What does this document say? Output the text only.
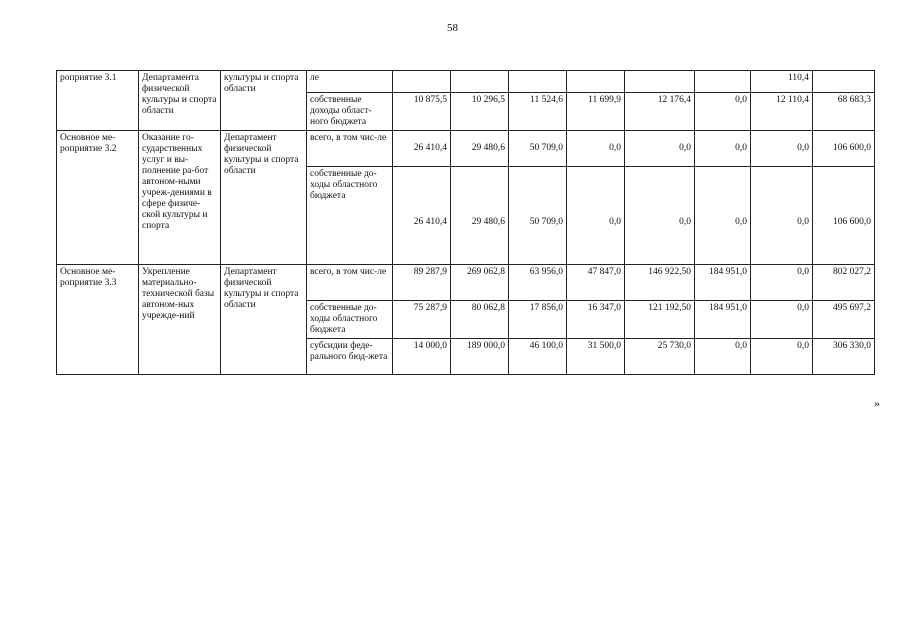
58
роприятие 3.1	Департамента физической культуры и спорта области	культуры и спорта области	ле							110,4	
			собственные доходы област-ного бюджета	10 875,5	10 296,5	11 524,6	11 699,9	12 176,4	0,0	12 110,4	68 683,3
Основное ме-роприятие 3.2	Оказание го-сударственных услуг и вы-полнение ра-бот автоном-ными учреж-дениями в сфере физиче-ской культуры и спорта	Департамент физической культуры и спорта области	всего, в том чис-ле	26 410,4	29 480,6	50 709,0	0,0	0,0	0,0	0,0	106 600,0
			собственные до-ходы областного бюджета	26 410,4	29 480,6	50 709,0	0,0	0,0	0,0	0,0	106 600,0
Основное ме-роприятие 3.3	Укрепление материально-технической базы автоном-ных учрежде-ний	Департамент физической культуры и спорта области	всего, в том чис-ле	89 287,9	269 062,8	63 956,0	47 847,0	146 922,50	184 951,0	0,0	802 027,2
			собственные до-ходы областного бюджета	75 287,9	80 062,8	17 856,0	16 347,0	121 192,50	184 951,0	0,0	495 697,2
			субсидии феде-рального бюд-жета	14 000,0	189 000,0	46 100,0	31 500,0	25 730,0	0,0	0,0	306 330,0
»
